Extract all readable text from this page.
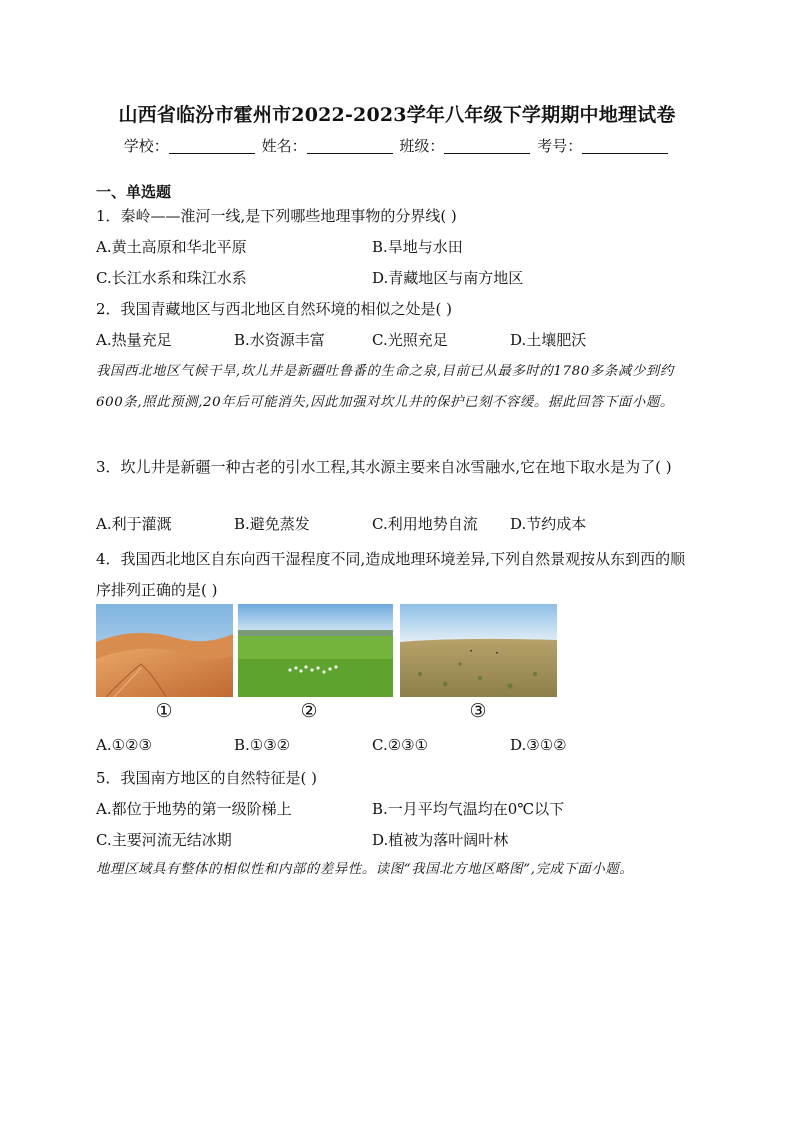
山西省临汾市霍州市2022-2023学年八年级下学期期中地理试卷
学校：	姓名：	班级：	考号：
一、单选题
1．秦岭——淮河一线,是下列哪些地理事物的分界线( )
A.黄土高原和华北平原	B.旱地与水田
C.长江水系和珠江水系	D.青藏地区与南方地区
2．我国青藏地区与西北地区自然环境的相似之处是( )
A.热量充足	B.水资源丰富	C.光照充足	D.土壤肥沃
我国西北地区气候干旱,坎儿井是新疆吐鲁番的生命之泉,目前已从最多时的1780多条减少到约600条,照此预测,20年后可能消失,因此加强对坎儿井的保护已刻不容缓。据此回答下面小题。
3．坎儿井是新疆一种古老的引水工程,其水源主要来自冰雪融水,它在地下取水是为了( )
A.利于灌溉	B.避免蒸发	C.利用地势自流 D.节约成本
4．我国西北地区自东向西干湿程度不同,造成地理环境差异,下列自然景观按从东到西的顺序排列正确的是( )
①	②	③
A.①②③	B.①③②	C.②③①	D.③①②
5．我国南方地区的自然特征是( )
A.都位于地势的第一级阶梯上	B.一月平均气温均在0℃以下
C.主要河流无结冰期	D.植被为落叶阔叶林
地理区域具有整体的相似性和内部的差异性。读图“我国北方地区略图”,完成下面小题。
